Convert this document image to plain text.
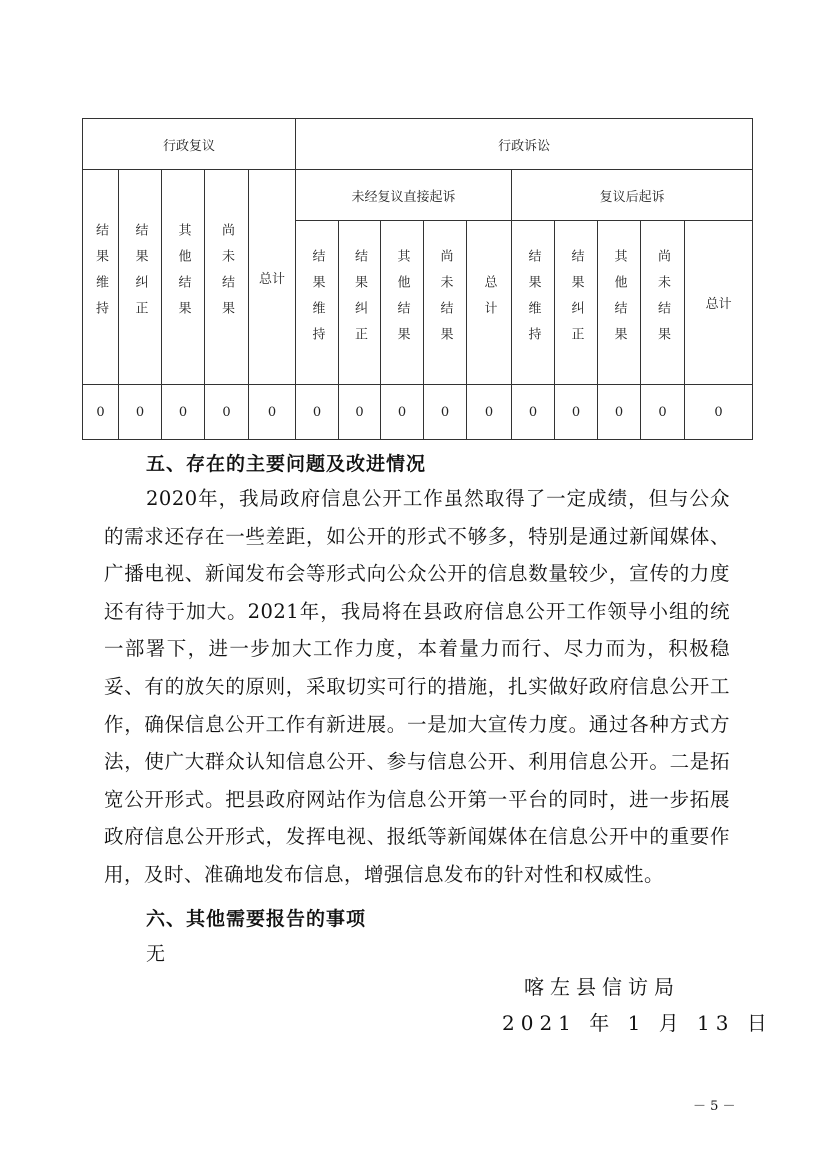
行政复议					行政诉讼									
结果维持	结果纠正	其他结果	尚未结果	总计	未经复议直接起诉					复议后起诉				
					结果维持	结果纠正	其他结果	尚未结果	总计	结果维持	结果纠正	其他结果	尚未结果	总计
0	0	0	0	0	0	0	0	0	0	0	0	0	0	0
五、存在的主要问题及改进情况

2020年，我局政府信息公开工作虽然取得了一定成绩，但与公众的需求还存在一些差距，如公开的形式不够多，特别是通过新闻媒体、广播电视、新闻发布会等形式向公众公开的信息数量较少，宣传的力度还有待于加大。2021年，我局将在县政府信息公开工作领导小组的统一部署下，进一步加大工作力度，本着量力而行、尽力而为，积极稳妥、有的放矢的原则，采取切实可行的措施，扎实做好政府信息公开工作，确保信息公开工作有新进展。一是加大宣传力度。通过各种方式方法，使广大群众认知信息公开、参与信息公开、利用信息公开。二是拓宽公开形式。把县政府网站作为信息公开第一平台的同时，进一步拓展政府信息公开形式，发挥电视、报纸等新闻媒体在信息公开中的重要作用，及时、准确地发布信息，增强信息发布的针对性和权威性。

六、其他需要报告的事项
无
喀左县信访局
2021 年 1 月 13 日
－ 5 －
